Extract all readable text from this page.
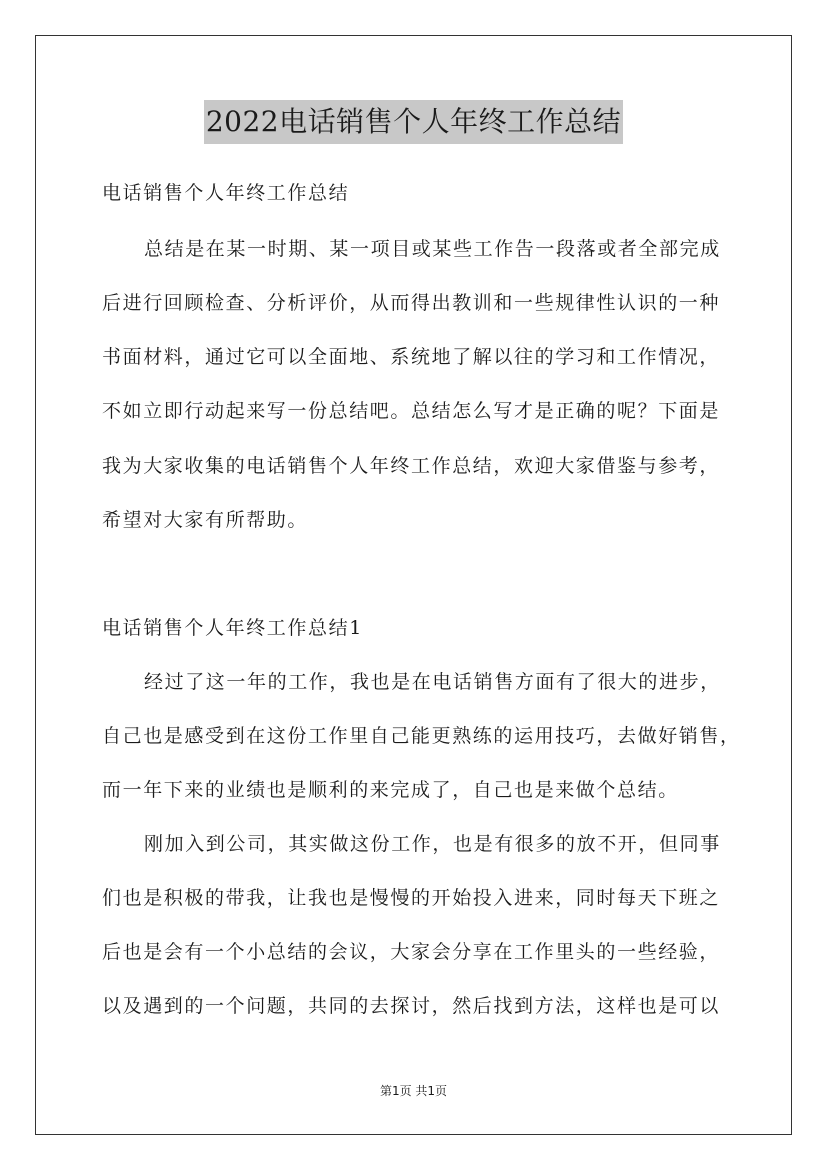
2022电话销售个人年终工作总结
电话销售个人年终工作总结
总结是在某一时期、某一项目或某些工作告一段落或者全部完成
后进行回顾检查、分析评价，从而得出教训和一些规律性认识的一种
书面材料，通过它可以全面地、系统地了解以往的学习和工作情况，
不如立即行动起来写一份总结吧。总结怎么写才是正确的呢？下面是
我为大家收集的电话销售个人年终工作总结，欢迎大家借鉴与参考，
希望对大家有所帮助。
电话销售个人年终工作总结1
经过了这一年的工作，我也是在电话销售方面有了很大的进步，
自己也是感受到在这份工作里自己能更熟练的运用技巧，去做好销售，
而一年下来的业绩也是顺利的来完成了，自己也是来做个总结。
刚加入到公司，其实做这份工作，也是有很多的放不开，但同事
们也是积极的带我，让我也是慢慢的开始投入进来，同时每天下班之
后也是会有一个小总结的会议，大家会分享在工作里头的一些经验，
以及遇到的一个问题，共同的去探讨，然后找到方法，这样也是可以
第1页 共1页
